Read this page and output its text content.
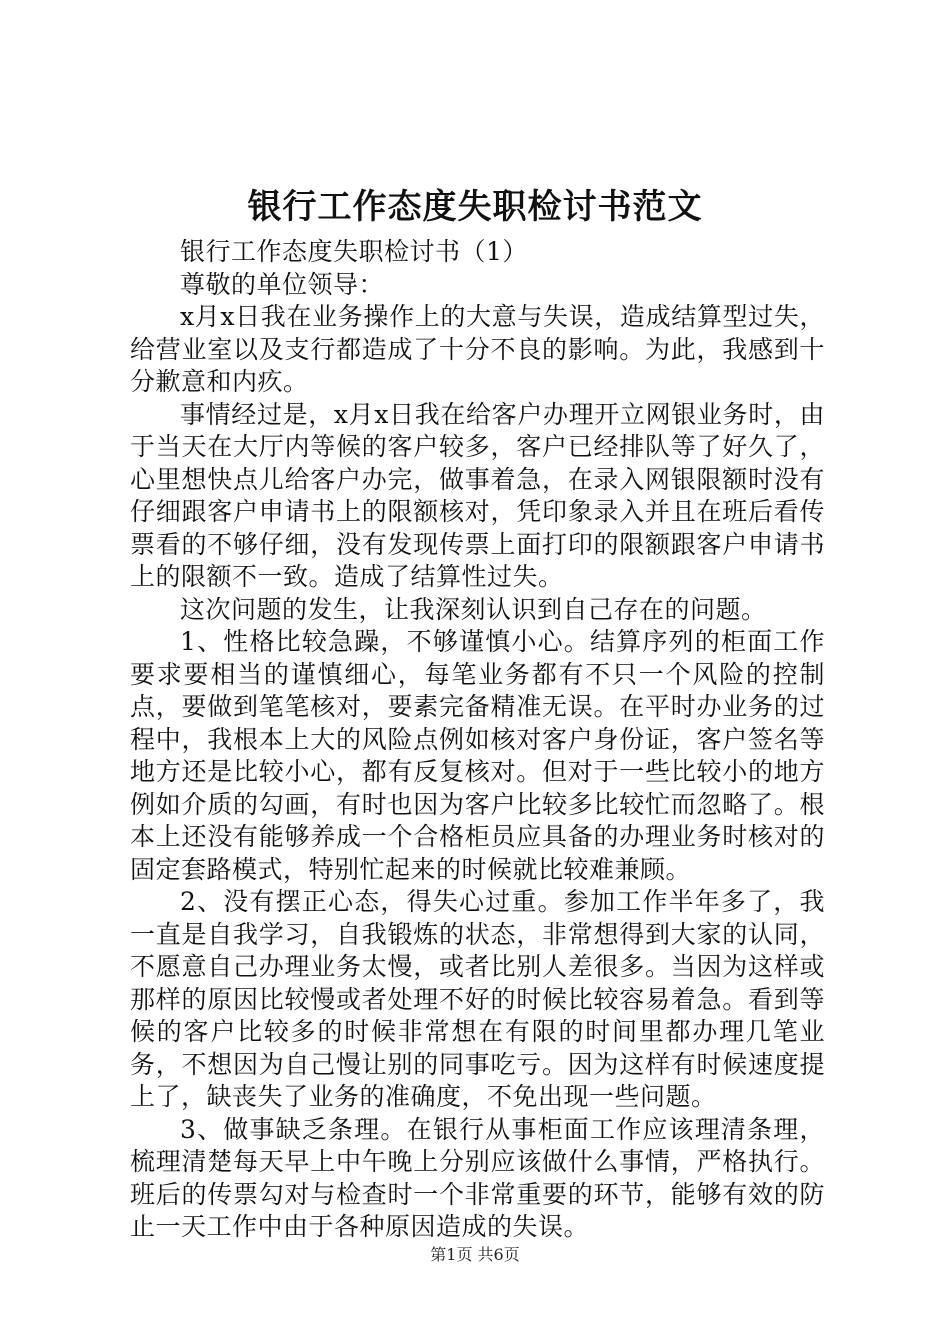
银行工作态度失职检讨书范文

银行工作态度失职检讨书（1）

尊敬的单位领导：

x月x日我在业务操作上的大意与失误，造成结算型过失，给营业室以及支行都造成了十分不良的影响。为此，我感到十分歉意和内疚。

事情经过是，x月x日我在给客户办理开立网银业务时，由于当天在大厅内等候的客户较多，客户已经排队等了好久了，心里想快点儿给客户办完，做事着急，在录入网银限额时没有仔细跟客户申请书上的限额核对，凭印象录入并且在班后看传票看的不够仔细，没有发现传票上面打印的限额跟客户申请书上的限额不一致。造成了结算性过失。

这次问题的发生，让我深刻认识到自己存在的问题。

1、性格比较急躁，不够谨慎小心。结算序列的柜面工作要求要相当的谨慎细心，每笔业务都有不只一个风险的控制点，要做到笔笔核对，要素完备精准无误。在平时办业务的过程中，我根本上大的风险点例如核对客户身份证，客户签名等地方还是比较小心，都有反复核对。但对于一些比较小的地方例如介质的勾画，有时也因为客户比较多比较忙而忽略了。根本上还没有能够养成一个合格柜员应具备的办理业务时核对的固定套路模式，特别忙起来的时候就比较难兼顾。

2、没有摆正心态，得失心过重。参加工作半年多了，我一直是自我学习，自我锻炼的状态，非常想得到大家的认同，不愿意自己办理业务太慢，或者比别人差很多。当因为这样或那样的原因比较慢或者处理不好的时候比较容易着急。看到等候的客户比较多的时候非常想在有限的时间里都办理几笔业务，不想因为自己慢让别的同事吃亏。因为这样有时候速度提上了，缺丧失了业务的准确度，不免出现一些问题。

3、做事缺乏条理。在银行从事柜面工作应该理清条理，梳理清楚每天早上中午晚上分别应该做什么事情，严格执行。班后的传票勾对与检查时一个非常重要的环节，能够有效的防止一天工作中由于各种原因造成的失误。

第1页 共6页
